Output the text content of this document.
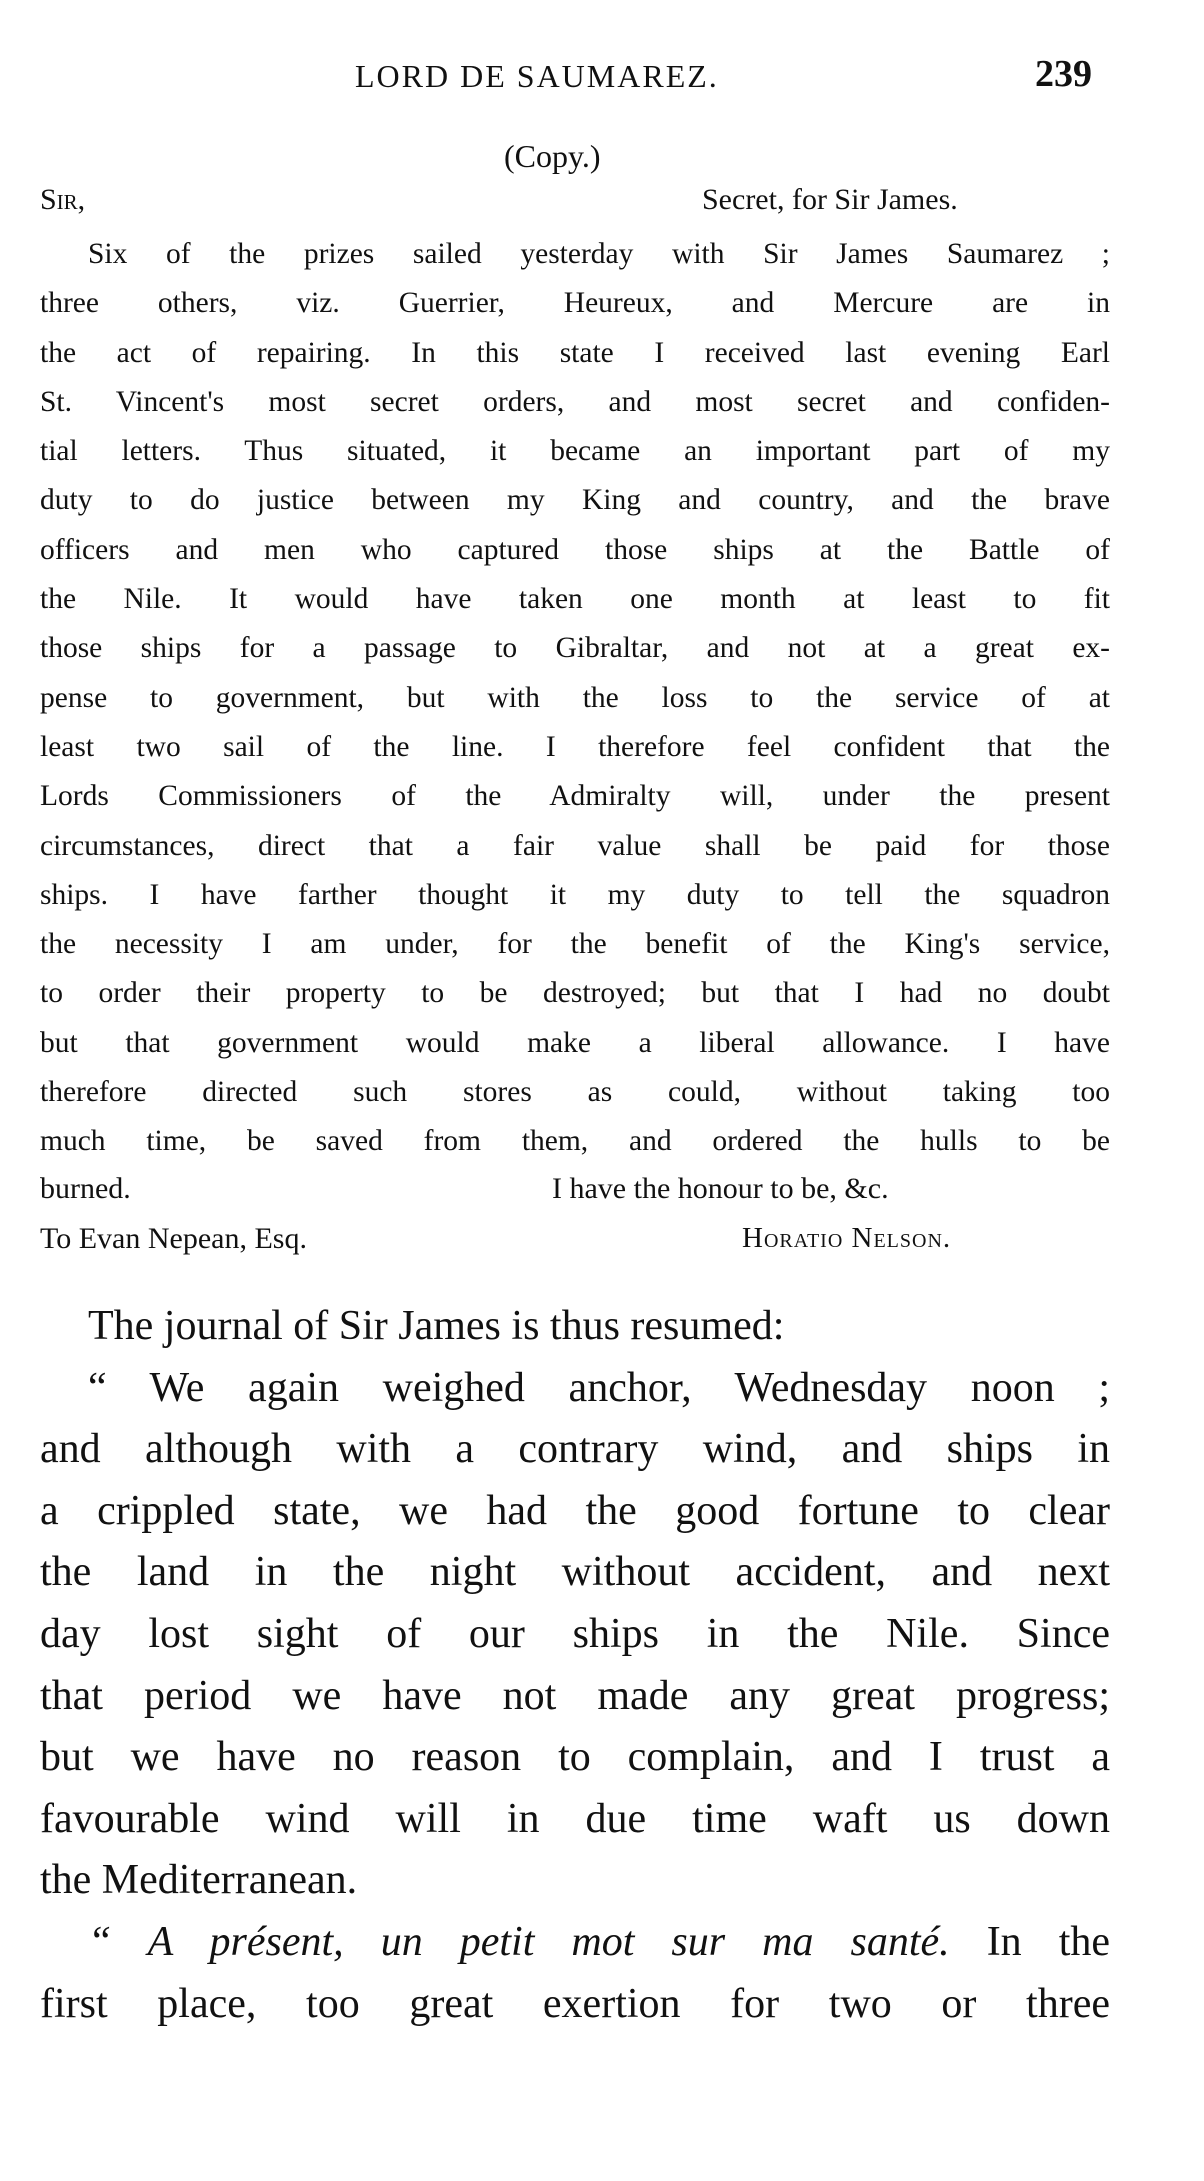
LORD DE SAUMAREZ.	239
(Copy.)
Sir,	Secret, for Sir James.
Six of the prizes sailed yesterday with Sir James Saumarez ;
three others, viz. Guerrier, Heureux, and Mercure are in
the act of repairing. In this state I received last evening Earl
St. Vincent's most secret orders, and most secret and confiden-
tial letters. Thus situated, it became an important part of my
duty to do justice between my King and country, and the brave
officers and men who captured those ships at the Battle of
the Nile. It would have taken one month at least to fit
those ships for a passage to Gibraltar, and not at a great ex-
pense to government, but with the loss to the service of at
least two sail of the line. I therefore feel confident that the
Lords Commissioners of the Admiralty will, under the present
circumstances, direct that a fair value shall be paid for those
ships. I have farther thought it my duty to tell the squadron
the necessity I am under, for the benefit of the King's service,
to order their property to be destroyed; but that I had no doubt
but that government would make a liberal allowance. I have
therefore directed such stores as could, without taking too
much time, be saved from them, and ordered the hulls to be
burned.	I have the honour to be, &c.
To Evan Nepean, Esq.	Horatio Nelson.
The journal of Sir James is thus resumed:
“ We again weighed anchor, Wednesday noon ;
and although with a contrary wind, and ships in
a crippled state, we had the good fortune to clear
the land in the night without accident, and next
day lost sight of our ships in the Nile. Since
that period we have not made any great progress;
but we have no reason to complain, and I trust a
favourable wind will in due time waft us down
the Mediterranean.
“ A présent, un petit mot sur ma santé. In the
first place, too great exertion for two or three
